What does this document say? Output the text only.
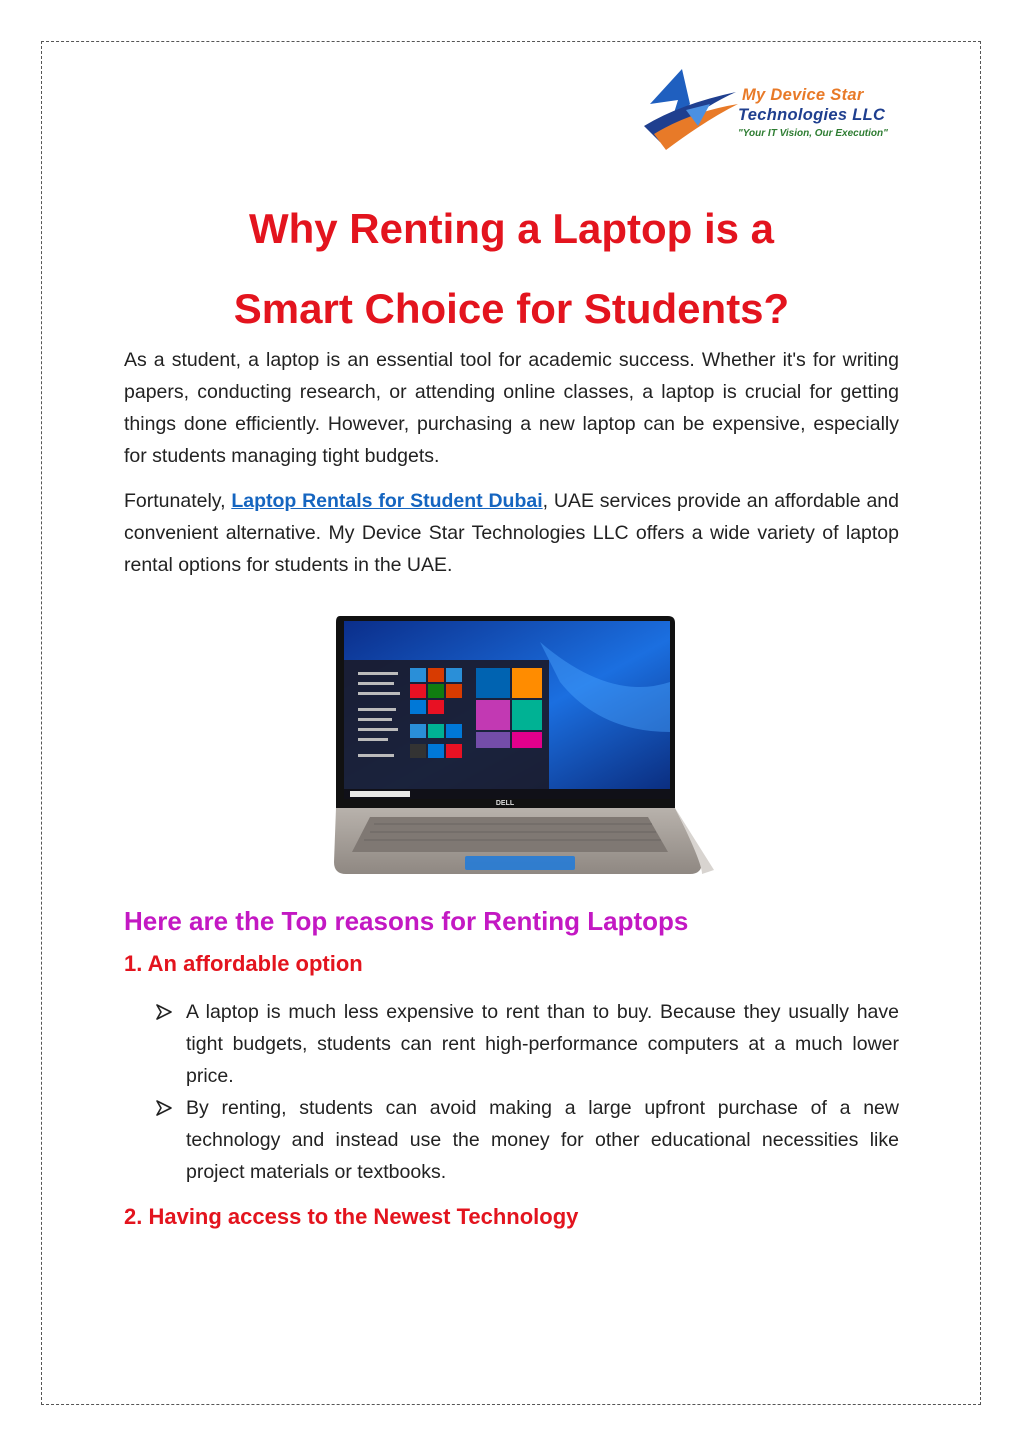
My Device Star
Technologies LLC
"Your IT Vision, Our Execution"
Why Renting a Laptop is a
Smart Choice for Students?
As a student, a laptop is an essential tool for academic success. Whether it's for writing papers, conducting research, or attending online classes, a laptop is crucial for getting things done efficiently. However, purchasing a new laptop can be expensive, especially for students managing tight budgets.
Fortunately, Laptop Rentals for Student Dubai, UAE services provide an affordable and convenient alternative. My Device Star Technologies LLC offers a wide variety of laptop rental options for students in the UAE.
DELL
Here are the Top reasons for Renting Laptops
1. An affordable option
A laptop is much less expensive to rent than to buy. Because they usually have tight budgets, students can rent high-performance computers at a much lower price.
By renting, students can avoid making a large upfront purchase of a new technology and instead use the money for other educational necessities like project materials or textbooks.
2. Having access to the Newest Technology
